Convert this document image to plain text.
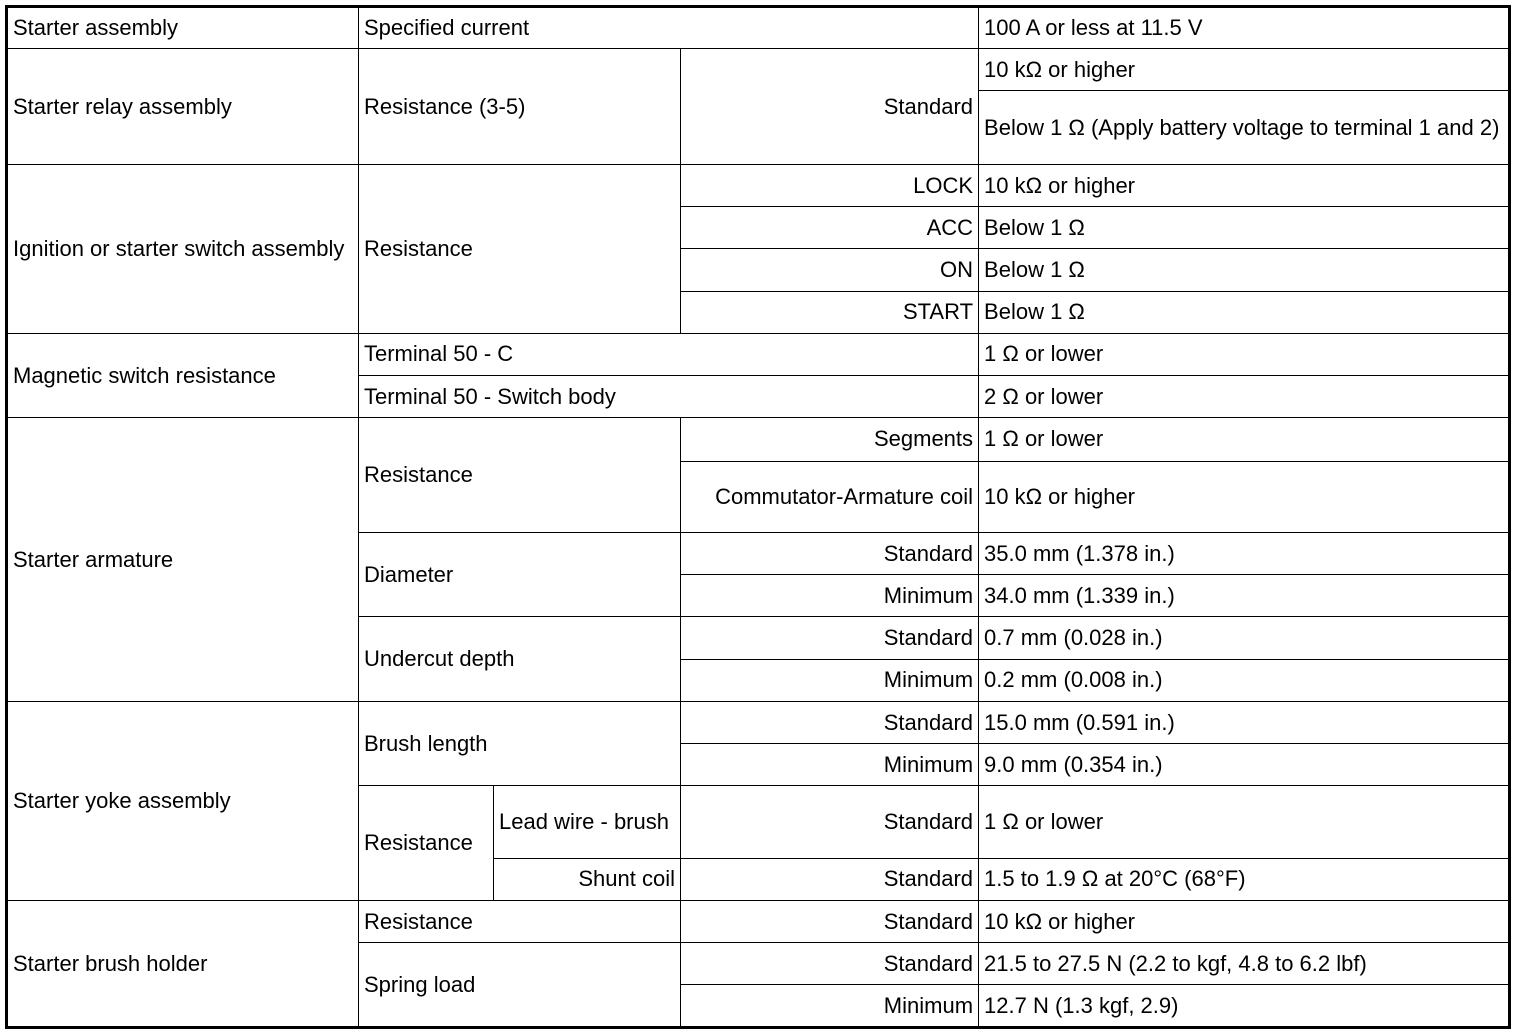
Starter assembly	Specified current			100 A or less at 11.5 V
Starter relay assembly	Resistance (3-5)		Standard	10 kΩ or higher
				Below 1 Ω (Apply battery voltage to terminal 1 and 2)
Ignition or starter switch assembly	Resistance		LOCK	10 kΩ or higher
			ACC	Below 1 Ω
			ON	Below 1 Ω
			START	Below 1 Ω
Magnetic switch resistance	Terminal 50 - C			1 Ω or lower
	Terminal 50 - Switch body			2 Ω or lower
Starter armature	Resistance		Segments	1 Ω or lower
			Commutator-Armature coil	10 kΩ or higher
	Diameter		Standard	35.0 mm (1.378 in.)
			Minimum	34.0 mm (1.339 in.)
	Undercut depth		Standard	0.7 mm (0.028 in.)
			Minimum	0.2 mm (0.008 in.)
Starter yoke assembly	Brush length		Standard	15.0 mm (0.591 in.)
			Minimum	9.0 mm (0.354 in.)
	Resistance	Lead wire - brush	Standard	1 Ω or lower
		Shunt coil	Standard	1.5 to 1.9 Ω at 20°C (68°F)
Starter brush holder	Resistance		Standard	10 kΩ or higher
	Spring load		Standard	21.5 to 27.5 N (2.2 to kgf, 4.8 to 6.2 lbf)
			Minimum	12.7 N (1.3 kgf, 2.9)
